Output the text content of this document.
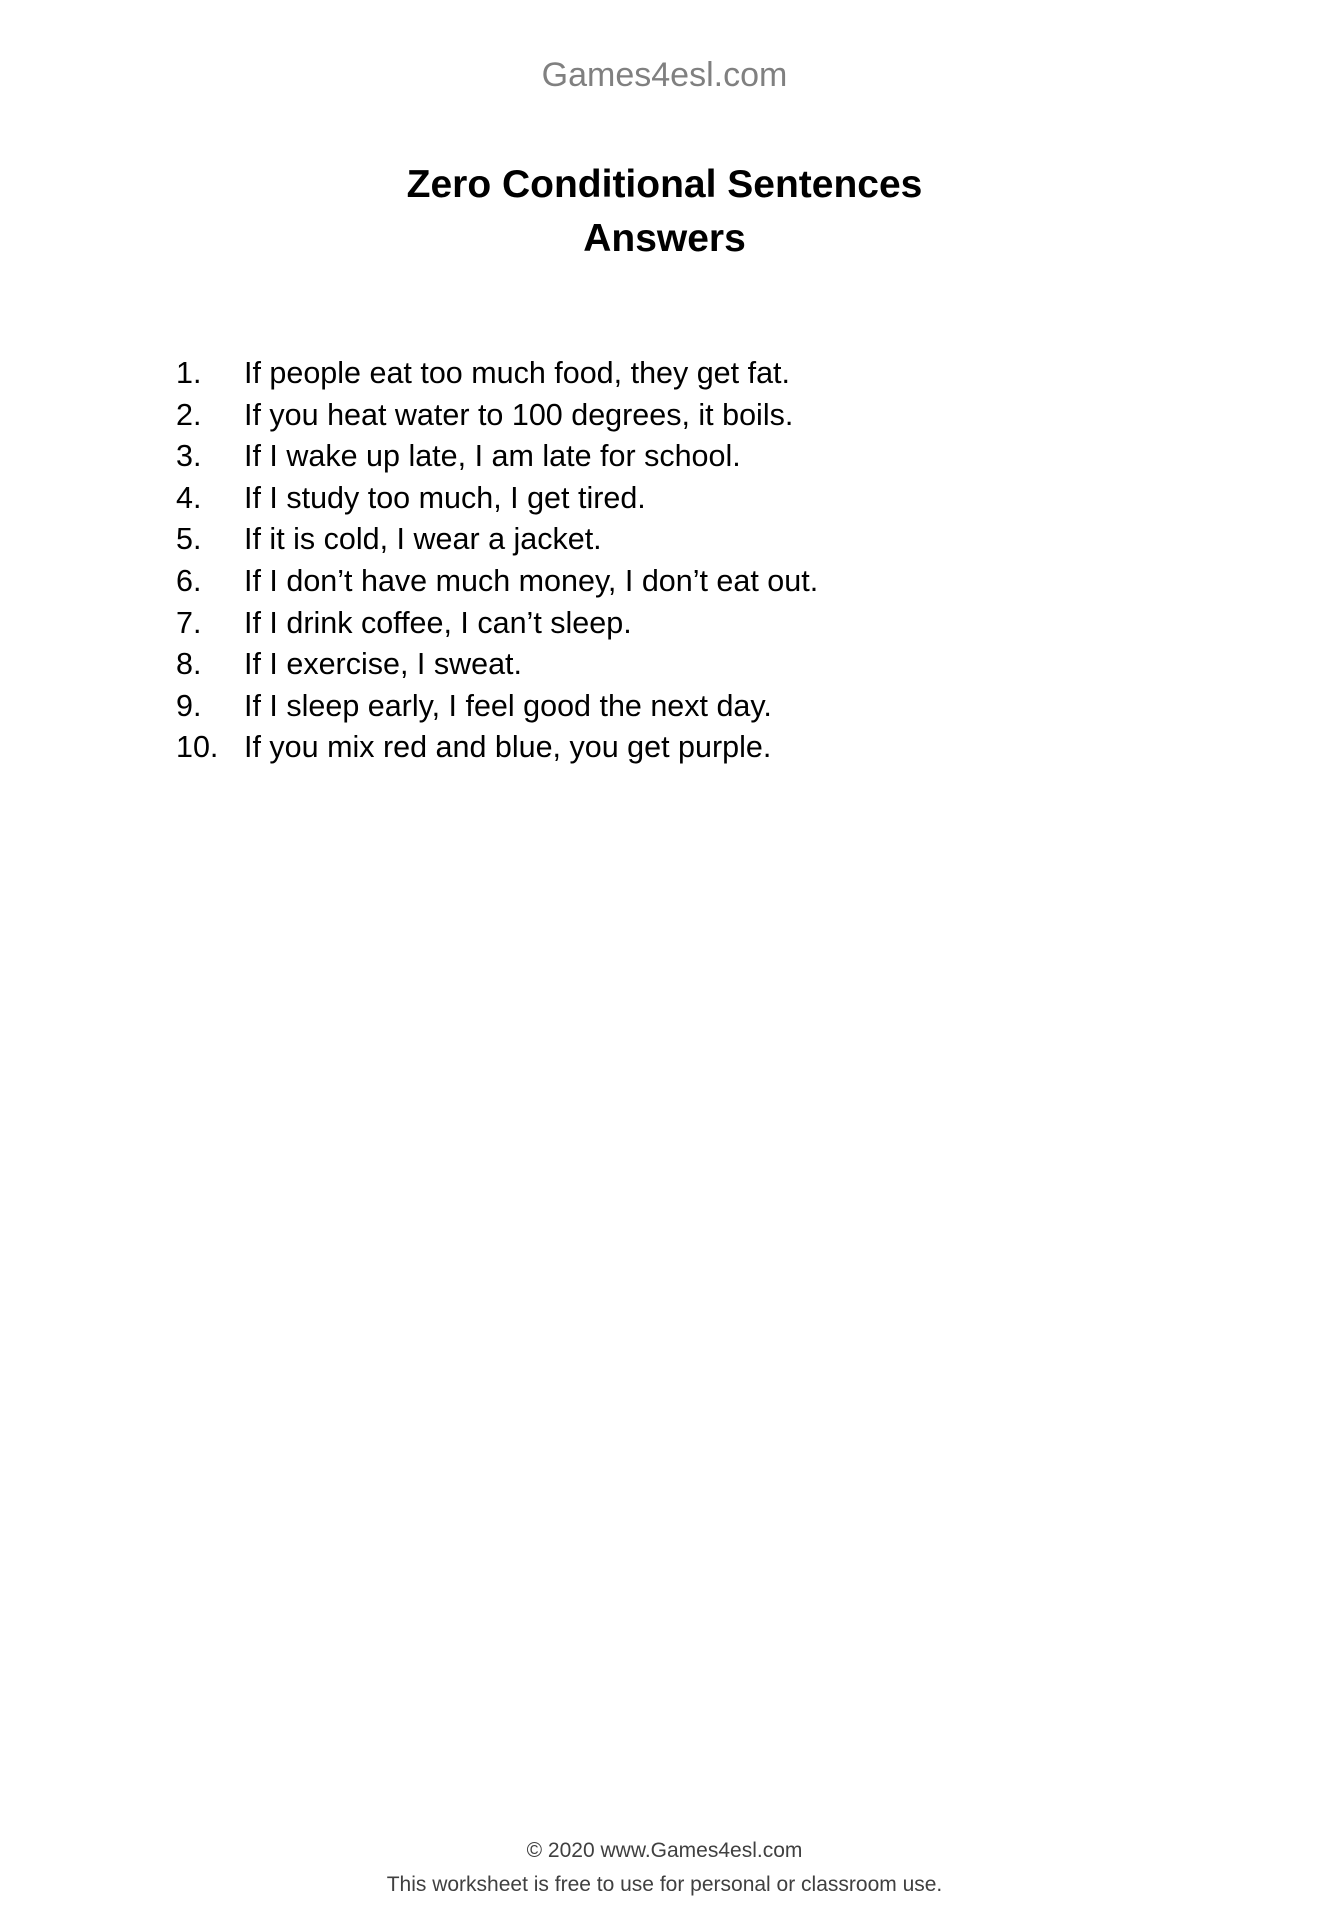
Games4esl.com
Zero Conditional Sentences
Answers
1.	If people eat too much food, they get fat.
2.	If you heat water to 100 degrees, it boils.
3.	If I wake up late, I am late for school.
4.	If I study too much, I get tired.
5.	If it is cold, I wear a jacket.
6.	If I don’t have much money, I don’t eat out.
7.	If I drink coffee, I can’t sleep.
8.	If I exercise, I sweat.
9.	If I sleep early, I feel good the next day.
10. If you mix red and blue, you get purple.
© 2020 www.Games4esl.com
This worksheet is free to use for personal or classroom use.
